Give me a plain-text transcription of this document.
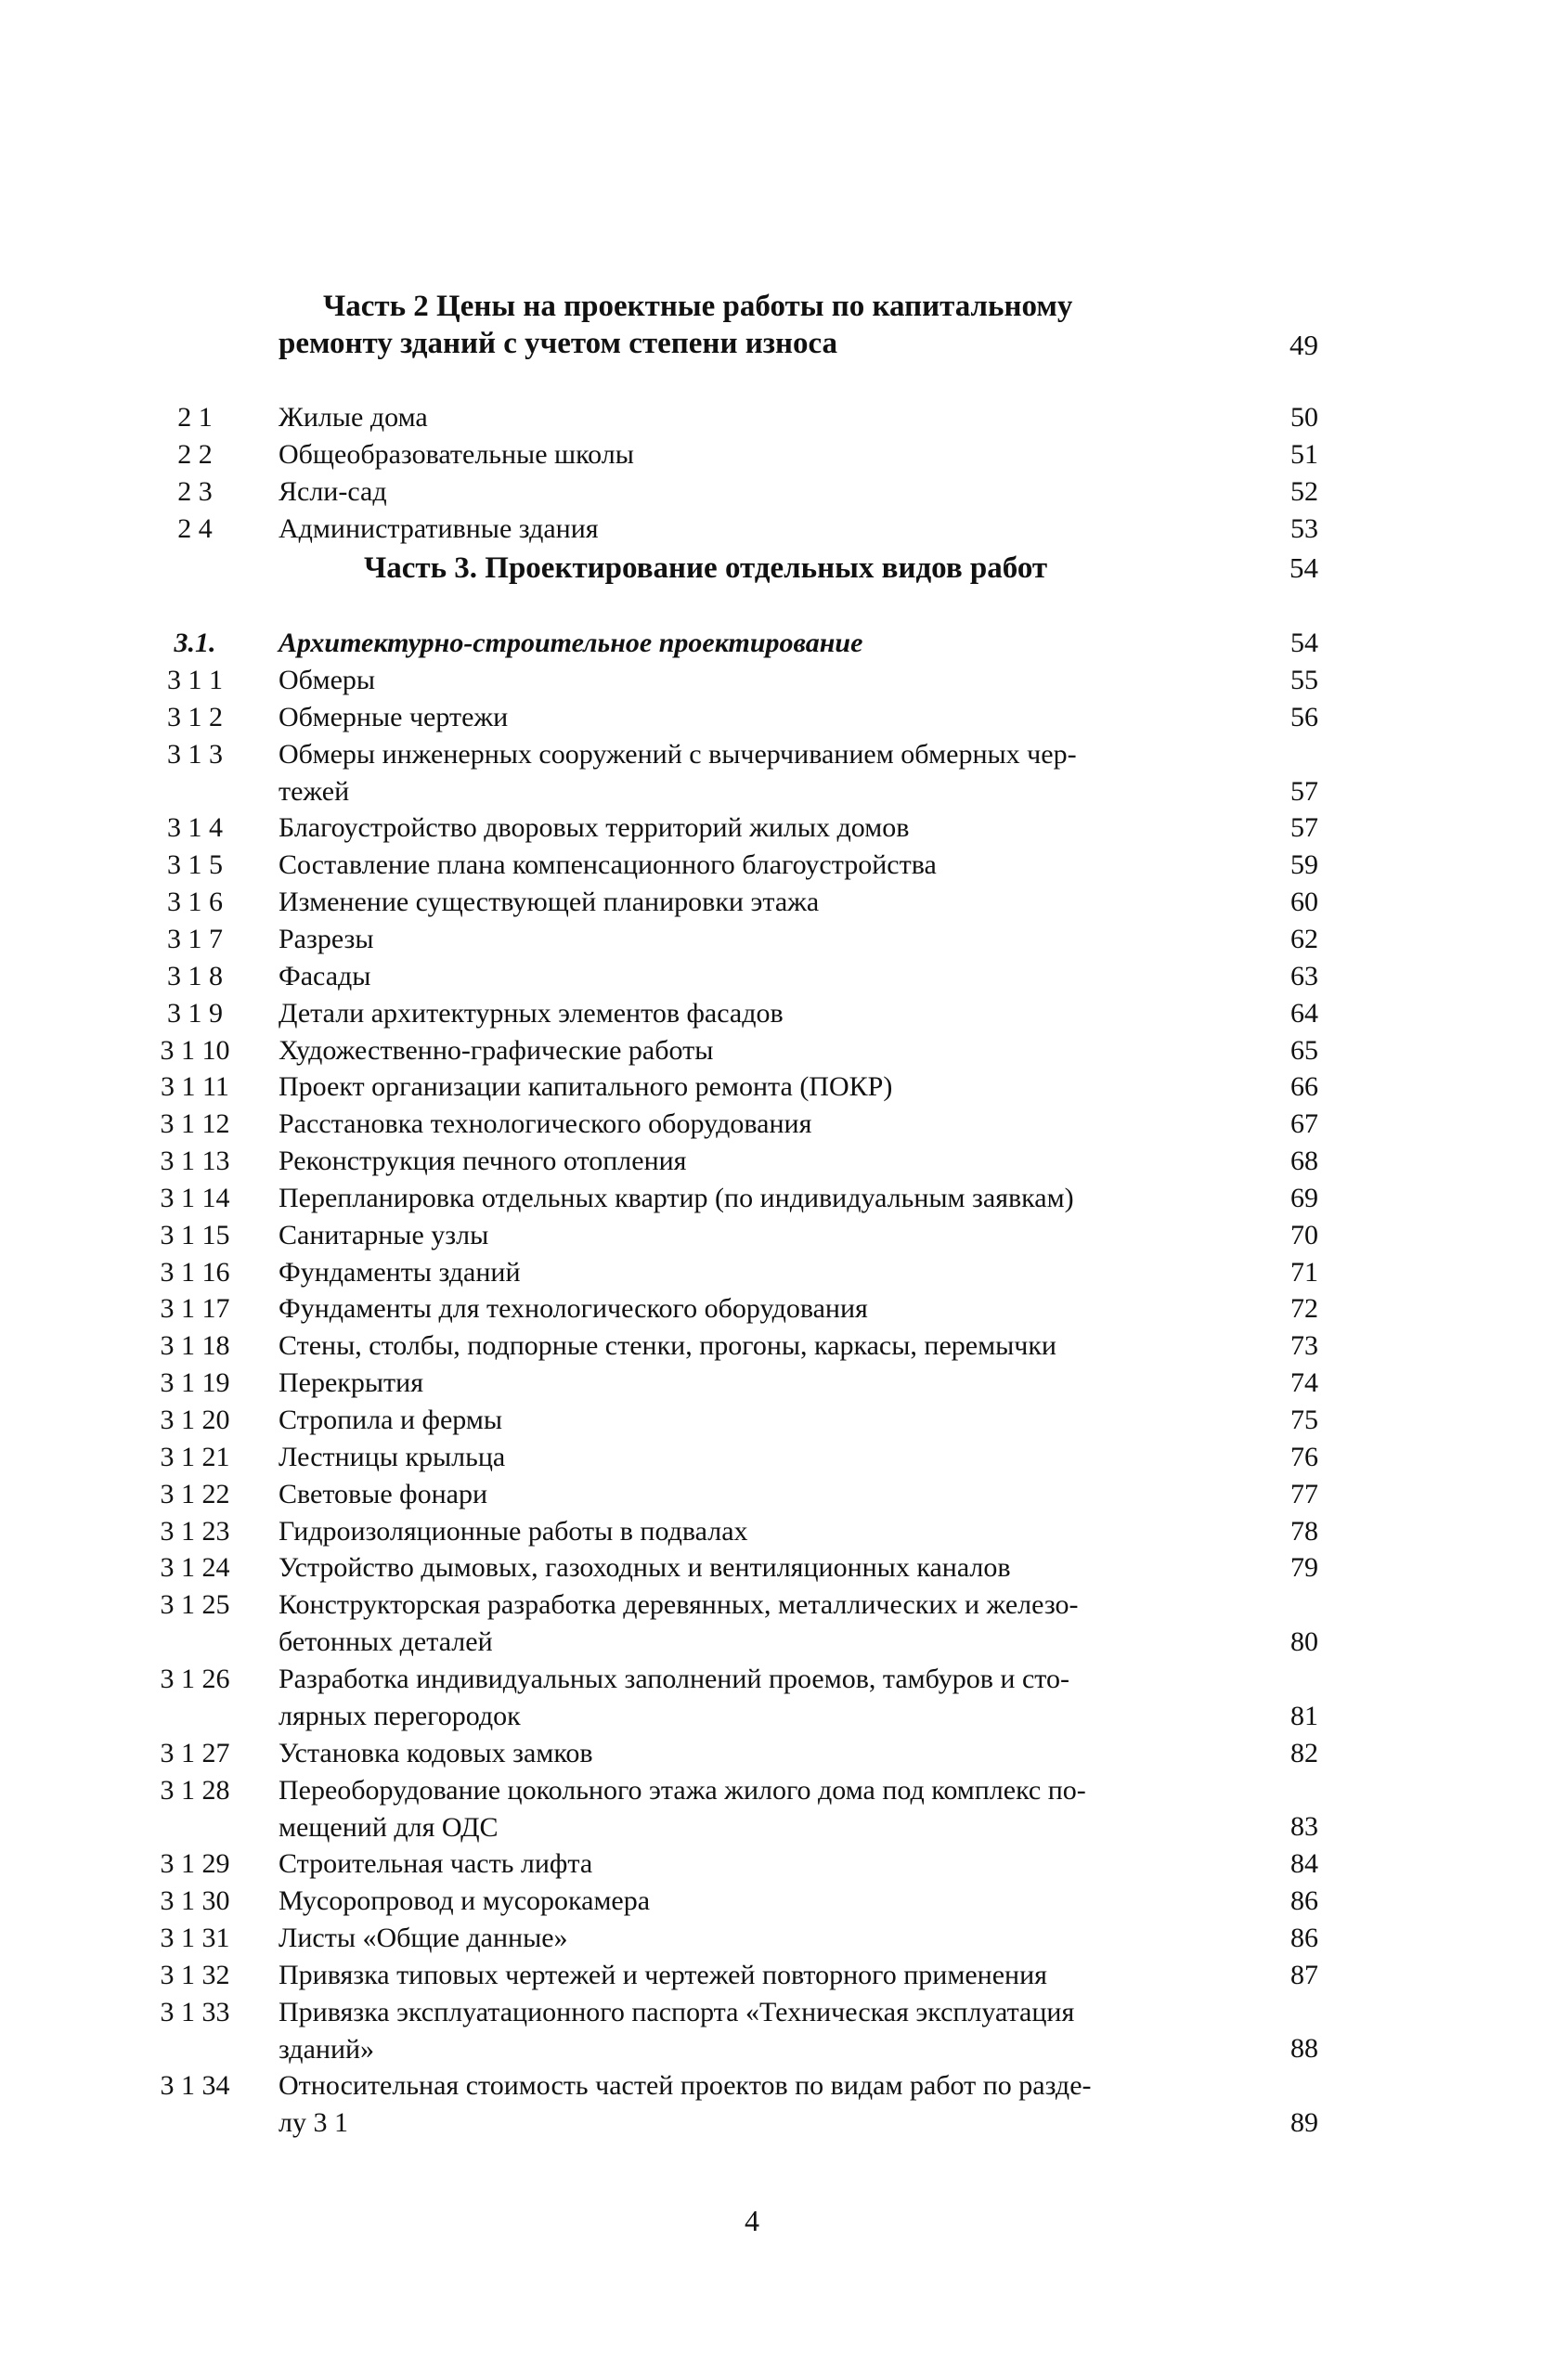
Часть 2 Цены на проектные работы по капитальному
ремонту зданий с учетом степени износа	49
2 1	Жилые дома	50
2 2	Общеобразовательные школы	51
2 3	Ясли-сад	52
2 4	Административные здания	53
Часть 3. Проектирование отдельных видов работ	54
3.1.	Архитектурно-строительное проектирование	54
3 1 1	Обмеры	55
3 1 2	Обмерные чертежи	56
3 1 3	Обмеры инженерных сооружений с вычерчиванием обмерных чер-
тежей	57
3 1 4	Благоустройство дворовых территорий жилых домов	57
3 1 5	Составление плана компенсационного благоустройства	59
3 1 6	Изменение существующей планировки этажа	60
3 1 7	Разрезы	62
3 1 8	Фасады	63
3 1 9	Детали архитектурных элементов фасадов	64
3 1 10	Художественно-графические работы	65
3 1 11	Проект организации капитального ремонта (ПОКР)	66
3 1 12	Расстановка технологического оборудования	67
3 1 13	Реконструкция печного отопления	68
3 1 14	Перепланировка отдельных квартир (по индивидуальным заявкам)	69
3 1 15	Санитарные узлы	70
3 1 16	Фундаменты зданий	71
3 1 17	Фундаменты для технологического оборудования	72
3 1 18	Стены, столбы, подпорные стенки, прогоны, каркасы, перемычки	73
3 1 19	Перекрытия	74
3 1 20	Стропила и фермы	75
3 1 21	Лестницы крыльца	76
3 1 22	Световые фонари	77
3 1 23	Гидроизоляционные работы в подвалах	78
3 1 24	Устройство дымовых, газоходных и вентиляционных каналов	79
3 1 25	Конструкторская разработка деревянных, металлических и железо-
бетонных деталей	80
3 1 26	Разработка индивидуальных заполнений проемов, тамбуров и сто-
лярных перегородок	81
3 1 27	Установка кодовых замков	82
3 1 28	Переоборудование цокольного этажа жилого дома под комплекс по-
мещений для ОДС	83
3 1 29	Строительная часть лифта	84
3 1 30	Мусоропровод и мусорокамера	86
3 1 31	Листы «Общие данные»	86
3 1 32	Привязка типовых чертежей и чертежей повторного применения	87
3 1 33	Привязка эксплуатационного паспорта «Техническая эксплуатация
зданий»	88
3 1 34	Относительная стоимость частей проектов по видам работ по разде-
лу 3 1	89
4
